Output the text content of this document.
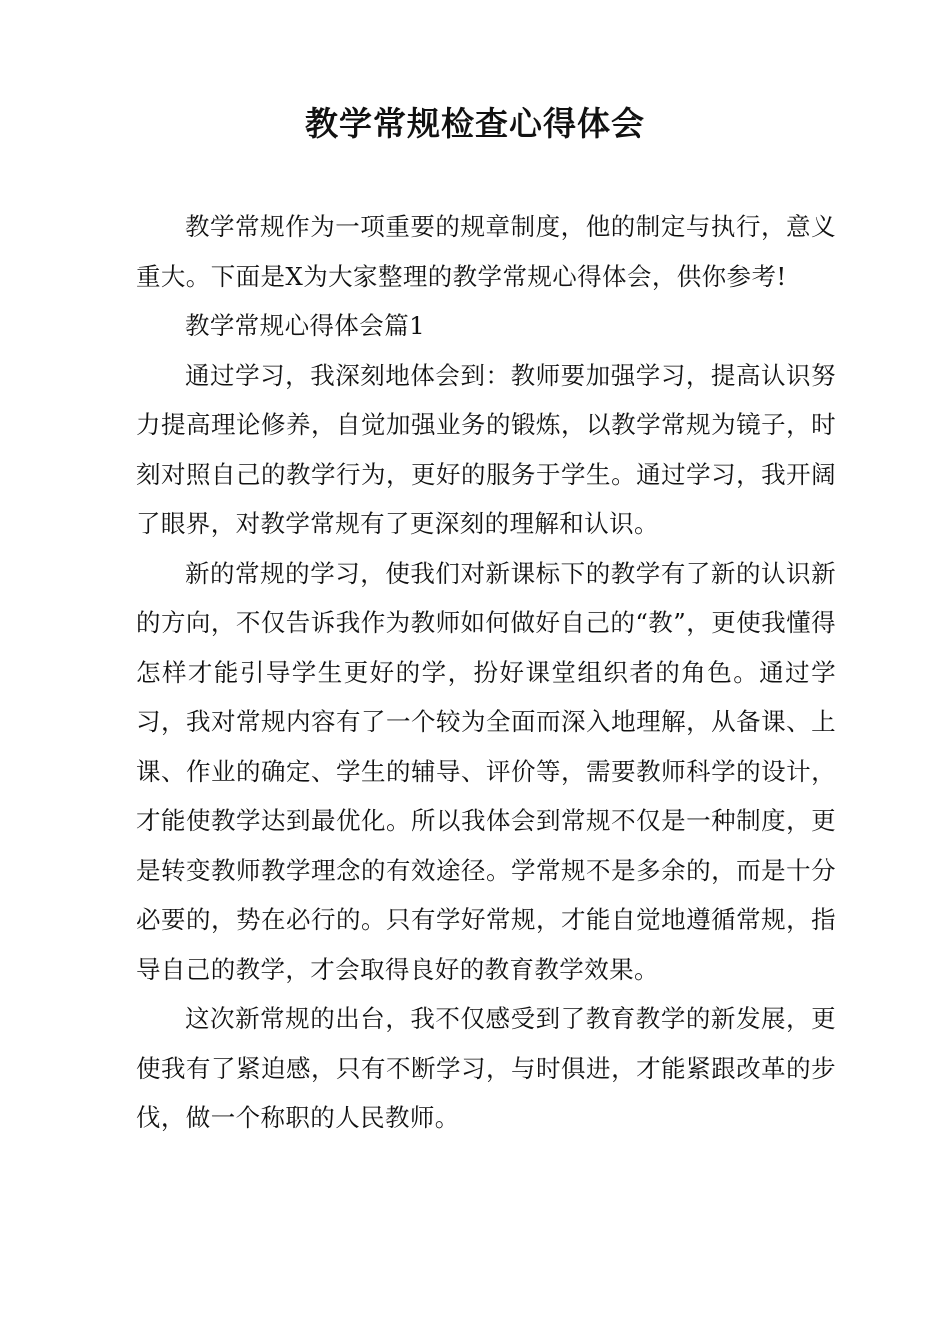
教学常规检查心得体会

教学常规作为一项重要的规章制度，他的制定与执行，意义重大。下面是X为大家整理的教学常规心得体会，供你参考!

教学常规心得体会篇1

通过学习，我深刻地体会到：教师要加强学习，提高认识努力提高理论修养，自觉加强业务的锻炼，以教学常规为镜子，时刻对照自己的教学行为，更好的服务于学生。通过学习，我开阔了眼界，对教学常规有了更深刻的理解和认识。

新的常规的学习，使我们对新课标下的教学有了新的认识新的方向，不仅告诉我作为教师如何做好自己的“教”，更使我懂得怎样才能引导学生更好的学，扮好课堂组织者的角色。通过学习，我对常规内容有了一个较为全面而深入地理解，从备课、上课、作业的确定、学生的辅导、评价等，需要教师科学的设计，才能使教学达到最优化。所以我体会到常规不仅是一种制度，更是转变教师教学理念的有效途径。学常规不是多余的，而是十分必要的，势在必行的。只有学好常规，才能自觉地遵循常规，指导自己的教学，才会取得良好的教育教学效果。

这次新常规的出台，我不仅感受到了教育教学的新发展，更使我有了紧迫感，只有不断学习，与时俱进，才能紧跟改革的步伐，做一个称职的人民教师。
